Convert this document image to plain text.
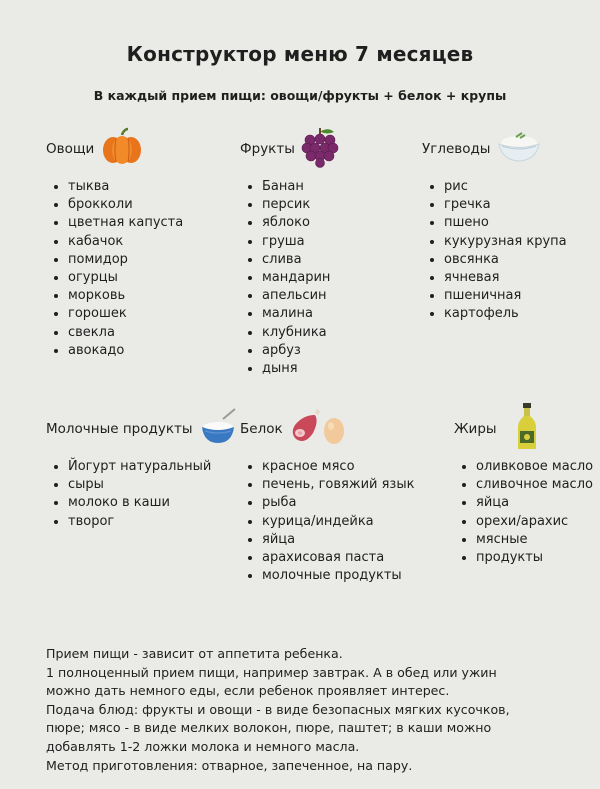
Конструктор меню 7 месяцев
В каждый прием пищи: овощи/фрукты + белок + крупы
Овощи
тыква
брокколи
цветная капуста
кабачок
помидор
огурцы
морковь
горошек
свекла
авокадо
Фрукты
Банан
персик
яблоко
груша
слива
мандарин
апельсин
малина
клубника
арбуз
дыня
Углеводы
рис
гречка
пшено
кукурузная крупа
овсянка
ячневая
пшеничная
картофель
Молочные продукты
Йогурт натуральный
сыры
молоко в каши
творог
Белок
красное мясо
печень, говяжий язык
рыба
курица/индейка
яйца
арахисовая паста
молочные продукты
Жиры
оливковое масло
сливочное масло
яйца
орехи/арахис
мясные
продукты

Прием пищи - зависит от аппетита ребенка.

1 полноценный прием пищи, например завтрак. А в обед или ужин

можно дать немного еды, если ребенок проявляет интерес.

Подача блюд: фрукты и овощи - в виде безопасных мягких кусочков,

пюре; мясо - в виде мелких волокон, пюре, паштет; в каши можно

добавлять 1-2 ложки молока и немного масла.

Метод приготовления: отварное, запеченное, на пару.
